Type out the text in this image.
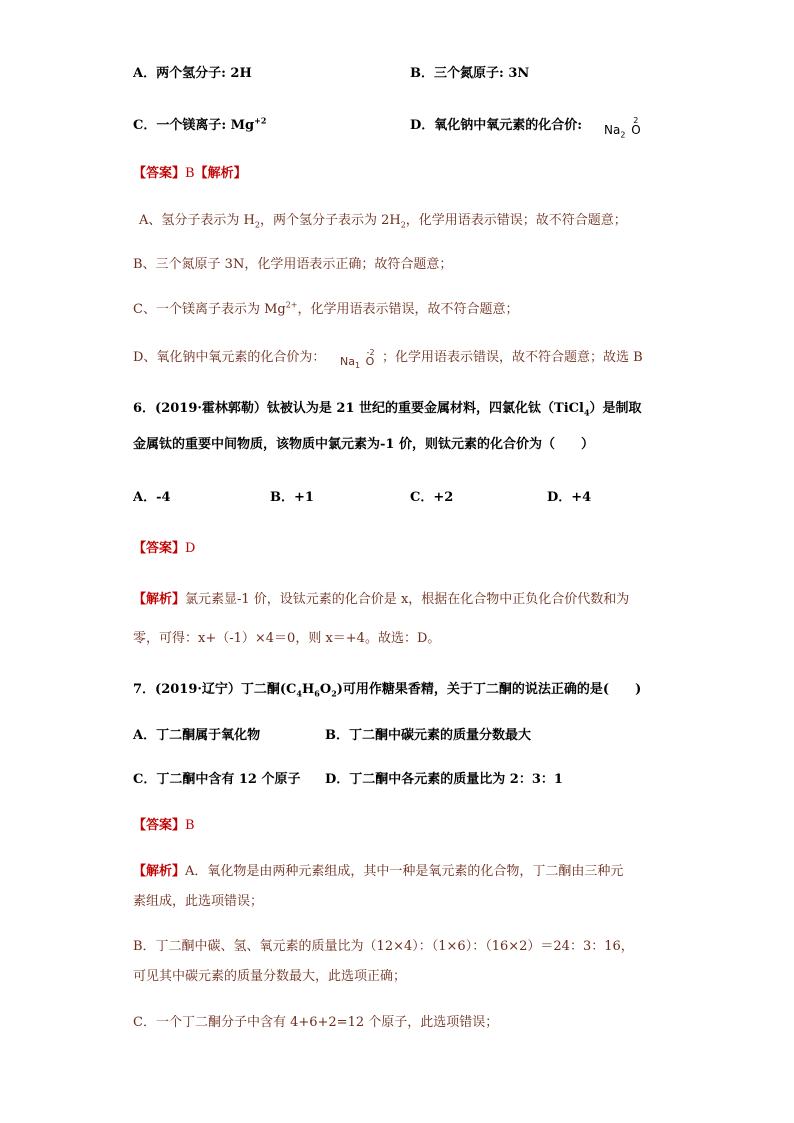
A．两个氢分子: 2H	B．三个氮原子: 3N
C．一个镁离子: $Mg^{+2}$	D．氧化钠中氧元素的化合价: $Na_2$ O
2
【答案】B【解析】
A、氢分子表示为 $H_2$，两个氢分子表示为 $2H_2$，化学用语表示错误；故不符合题意；
B、三个氮原子 3N，化学用语表示正确；故符合题意；
C、一个镁离子表示为 $Mg^{2+}$，化学用语表示错误，故不符合题意；
D、氧化钠中氧元素的化合价为： $Na_1$ O
-2 ；化学用语表示错误，故不符合题意；故选 B
6．(2019·霍林郭勒）钛被认为是 21 世纪的重要金属材料，四氯化钛（TiCl$_4$）是制取
金属钛的重要中间物质，该物质中氯元素为-1 价，则钛元素的化合价为（　　）
A．-4	B．+1	C．+2	D．+4
【答案】D
【解析】氯元素显-1 价，设钛元素的化合价是 x，根据在化合物中正负化合价代数和为
零，可得：x+（-1）×4＝0，则 x＝+4。故选：D。
7．(2019·辽宁）丁二酮$(C_4H_6O_2)$可用作糖果香精，关于丁二酮的说法正确的是(　　)
A．丁二酮属于氧化物	B．丁二酮中碳元素的质量分数最大
C．丁二酮中含有 12 个原子 D．丁二酮中各元素的质量比为 2：3：1
【答案】B
【解析】A．氧化物是由两种元素组成，其中一种是氧元素的化合物，丁二酮由三种元
素组成，此选项错误；
B．丁二酮中碳、氢、氧元素的质量比为（12×4）：（1×6）：（16×2）＝24：3：16，
可见其中碳元素的质量分数最大，此选项正确；
C．一个丁二酮分子中含有 4+6+2=12 个原子，此选项错误；
